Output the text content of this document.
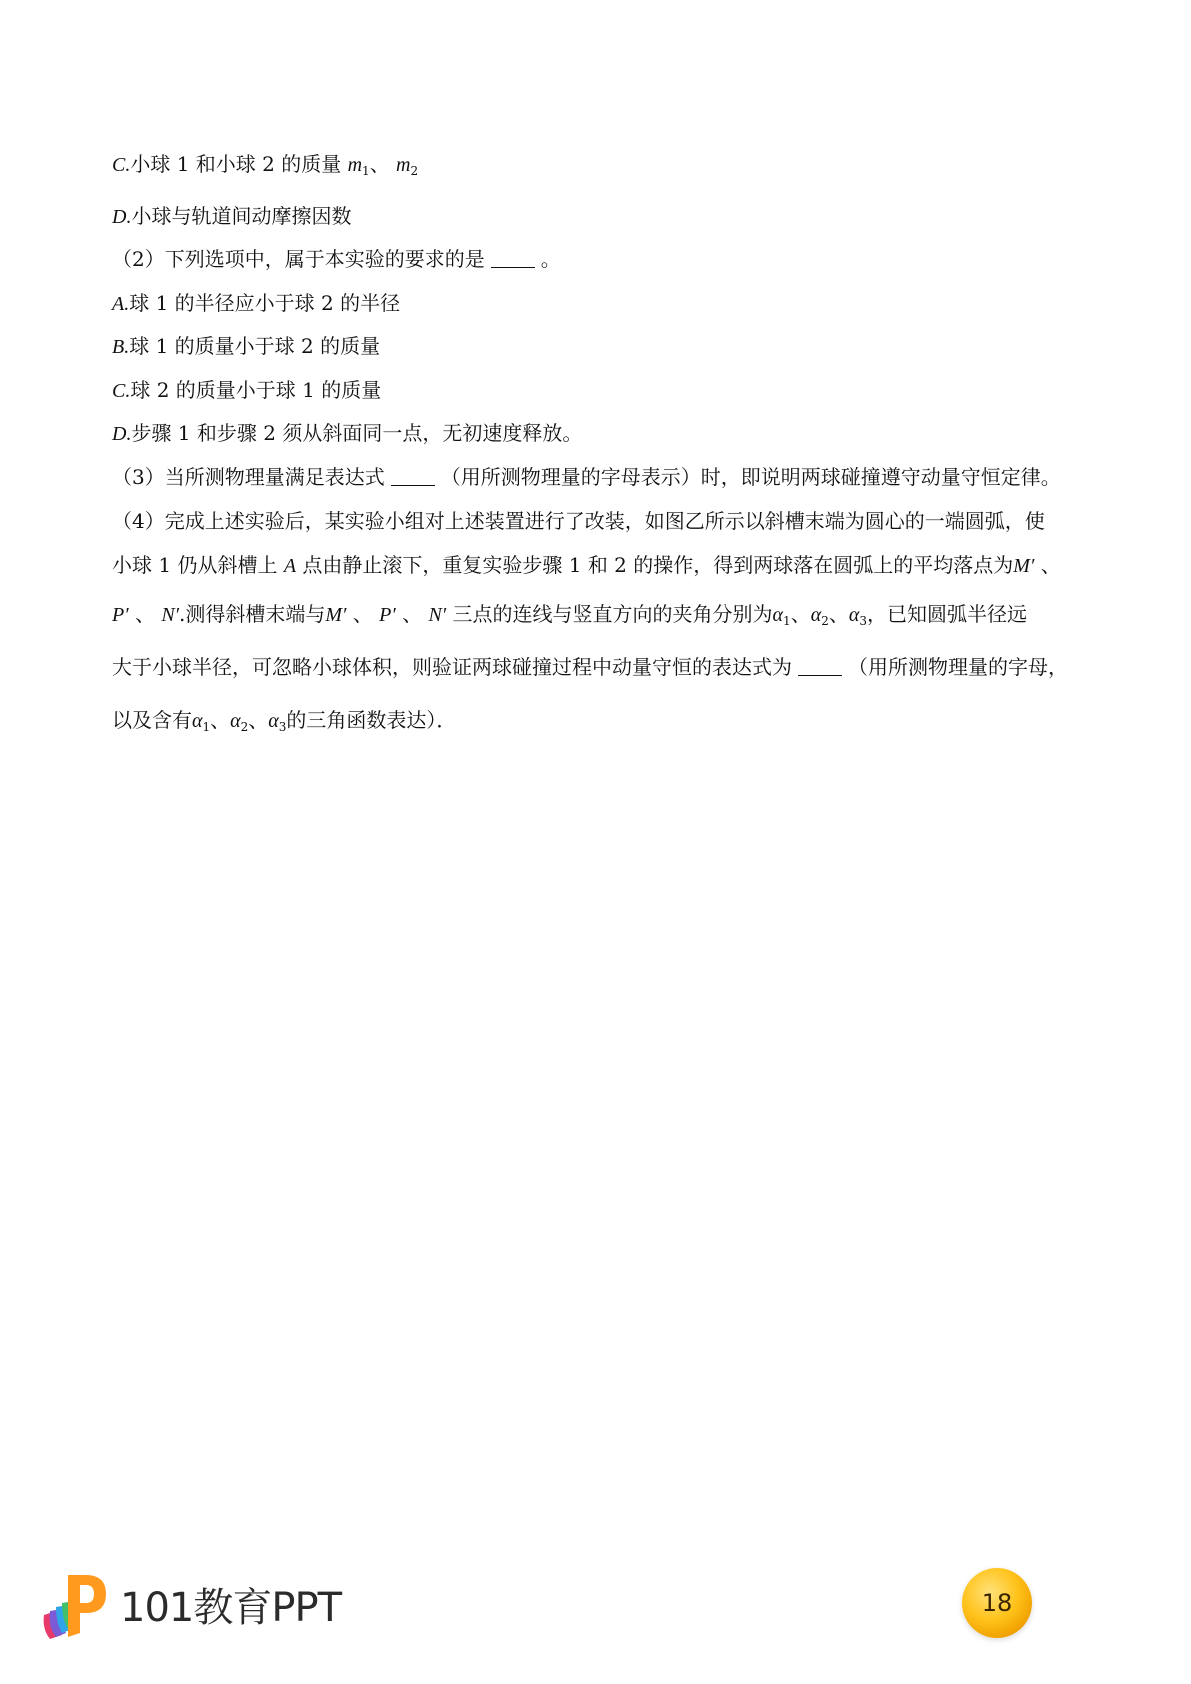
C.小球 1 和小球 2 的质量 $m_1$、 $m_2$
D.小球与轨道间动摩擦因数
（2）下列选项中，属于本实验的要求的是	。
A.球 1 的半径应小于球 2 的半径
B.球 1 的质量小于球 2 的质量
C.球 2 的质量小于球 1 的质量
D.步骤 1 和步骤 2 须从斜面同一点，无初速度释放。
（3）当所测物理量满足表达式	（用所测物理量的字母表示）时，即说明两球碰撞遵守动量守恒定律。
（4）完成上述实验后，某实验小组对上述装置进行了改装，如图乙所示以斜槽末端为圆心的一端圆弧，使
小球 1 仍从斜槽上 A 点由静止滚下，重复实验步骤 1 和 2 的操作，得到两球落在圆弧上的平均落点为M′ 、
P′ 、 N′.测得斜槽末端与M′ 、 P′ 、 N′ 三点的连线与竖直方向的夹角分别为$\alpha_1$、$\alpha_2$、$\alpha_3$，已知圆弧半径远
大于小球半径，可忽略小球体积，则验证两球碰撞过程中动量守恒的表达式为	（用所测物理量的字母，
以及含有$\alpha_1$、$\alpha_2$、$\alpha_3$的三角函数表达）．
101教育PPT	18
